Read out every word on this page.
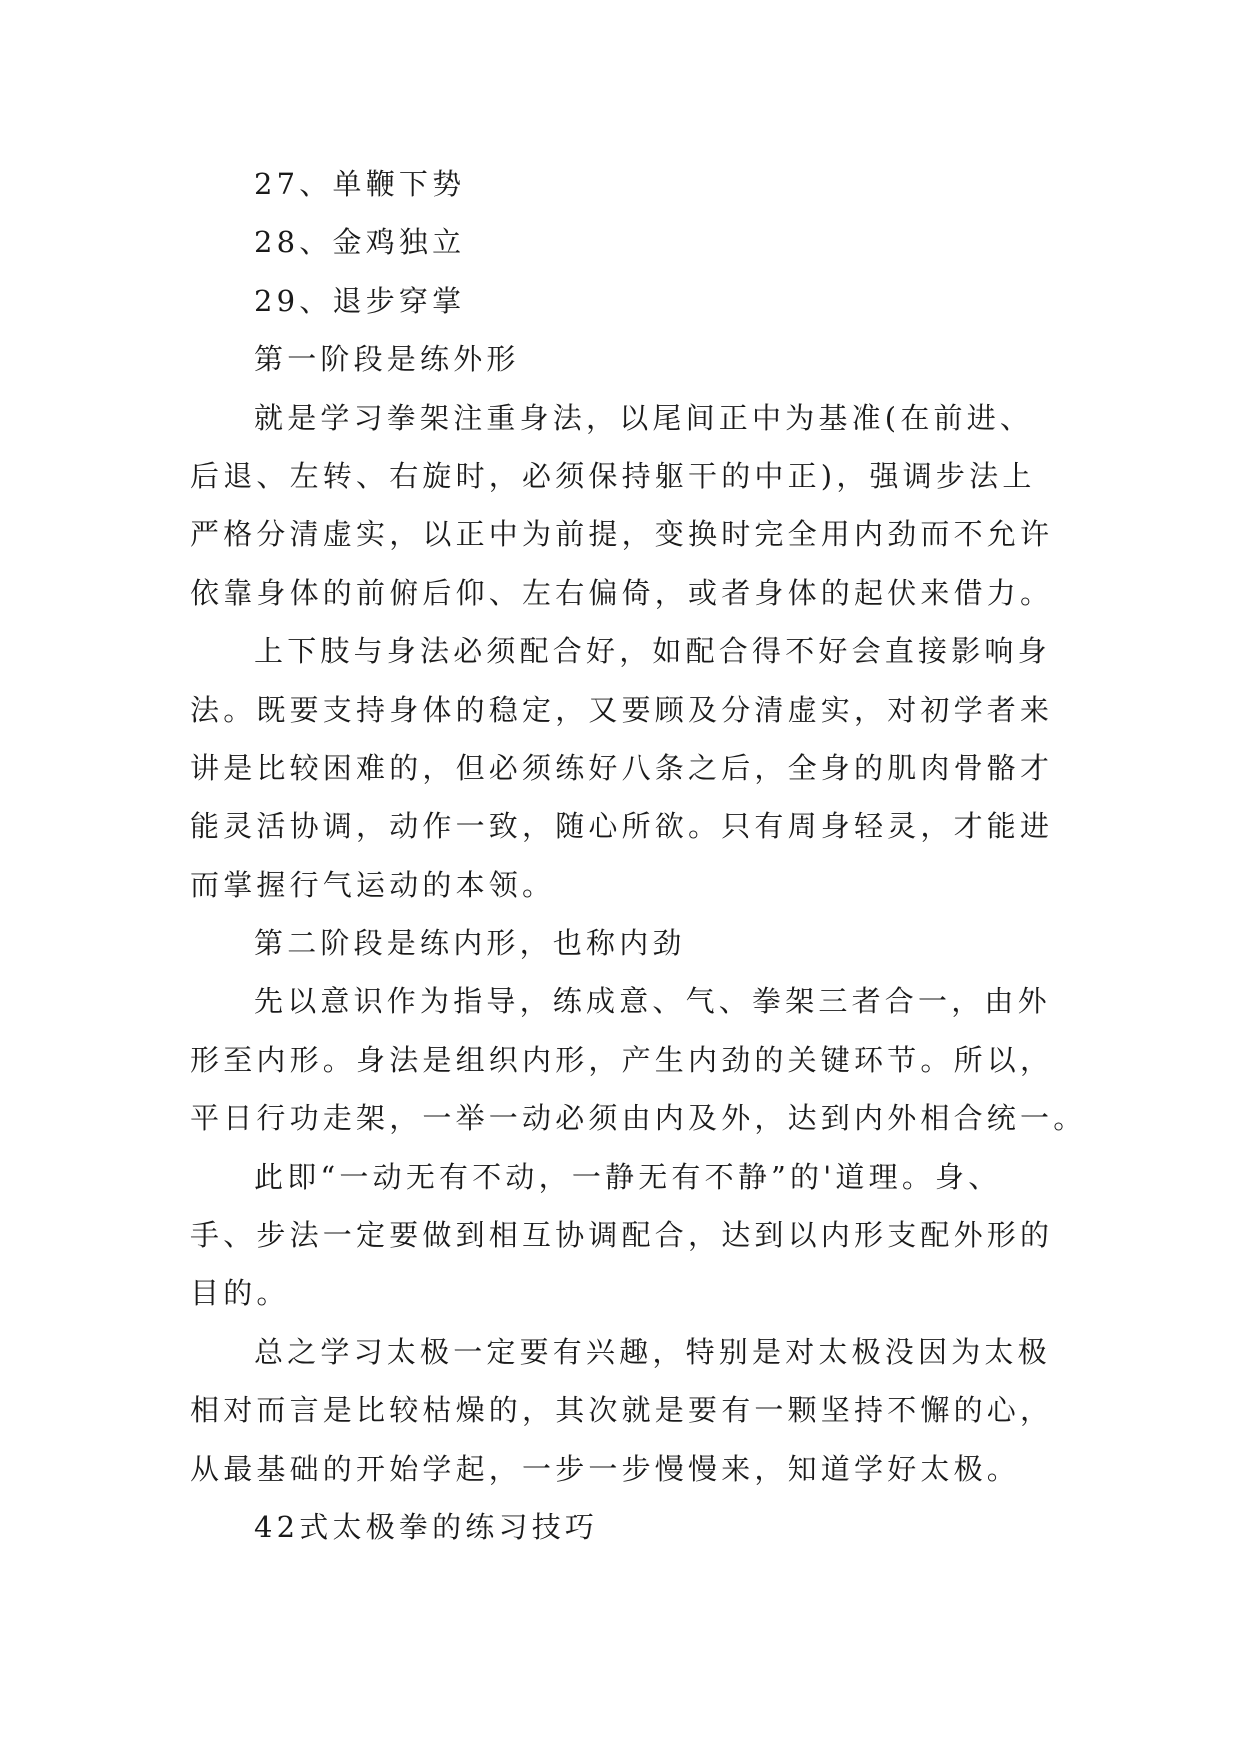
27、单鞭下势
28、金鸡独立
29、退步穿掌
第一阶段是练外形
就是学习拳架注重身法，以尾间正中为基准(在前进、
后退、左转、右旋时，必须保持躯干的中正)，强调步法上
严格分清虚实，以正中为前提，变换时完全用内劲而不允许
依靠身体的前俯后仰、左右偏倚，或者身体的起伏来借力。
上下肢与身法必须配合好，如配合得不好会直接影响身
法。既要支持身体的稳定，又要顾及分清虚实，对初学者来
讲是比较困难的，但必须练好八条之后，全身的肌肉骨骼才
能灵活协调，动作一致，随心所欲。只有周身轻灵，才能进
而掌握行气运动的本领。
第二阶段是练内形，也称内劲
先以意识作为指导，练成意、气、拳架三者合一，由外
形至内形。身法是组织内形，产生内劲的关键环节。所以，
平日行功走架，一举一动必须由内及外，达到内外相合统一。
此即“一动无有不动，一静无有不静”的'道理。身、
手、步法一定要做到相互协调配合，达到以内形支配外形的
目的。
总之学习太极一定要有兴趣，特别是对太极没因为太极
相对而言是比较枯燥的，其次就是要有一颗坚持不懈的心，
从最基础的开始学起，一步一步慢慢来，知道学好太极。
42式太极拳的练习技巧
